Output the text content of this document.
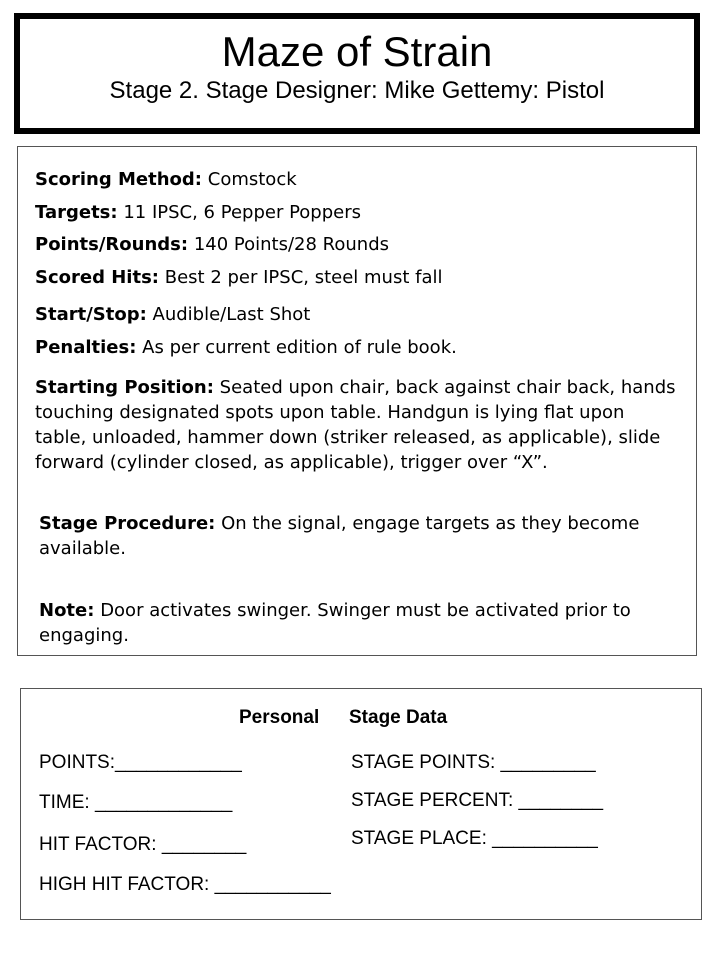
Maze of Strain
Stage 2. Stage Designer: Mike Gettemy: Pistol
Scoring Method: Comstock
Targets: 11 IPSC, 6 Pepper Poppers
Points/Rounds: 140 Points/28 Rounds
Scored Hits: Best 2 per IPSC, steel must fall
Start/Stop: Audible/Last Shot
Penalties: As per current edition of rule book.
Starting Position: Seated upon chair, back against chair back, hands touching designated spots upon table. Handgun is lying flat upon table, unloaded, hammer down (striker released, as applicable), slide forward (cylinder closed, as applicable), trigger over “X”.
Stage Procedure: On the signal, engage targets as they become available.
Note: Door activates swinger. Swinger must be activated prior to engaging.
Personal Stage Data
POINTS:____________
TIME: _____________
HIT FACTOR: ________
HIGH HIT FACTOR: ___________
STAGE POINTS: _________
STAGE PERCENT: ________
STAGE PLACE: __________
